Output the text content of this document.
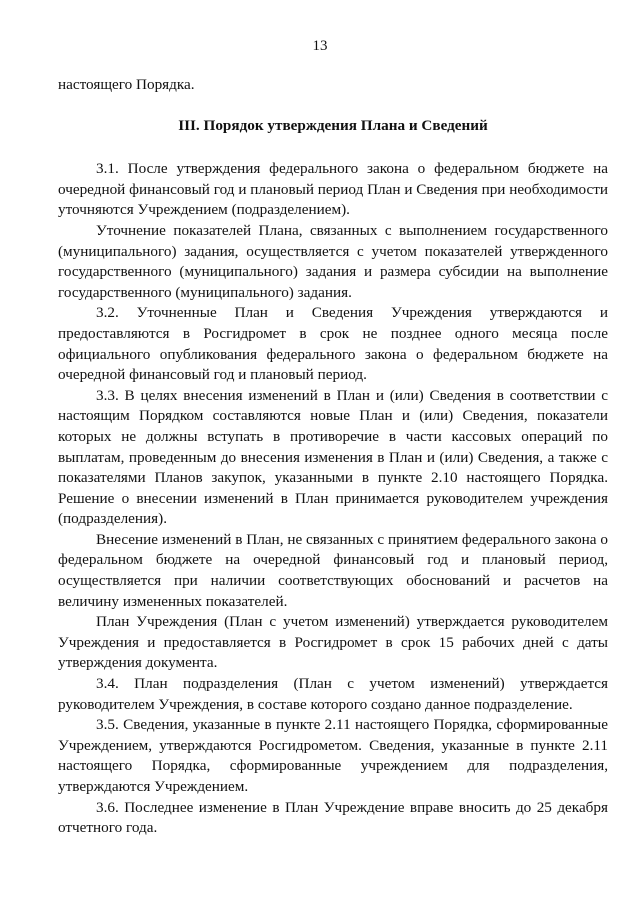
13

настоящего Порядка.

III. Порядок утверждения Плана и Сведений

3.1. После утверждения федерального закона о федеральном бюджете на очередной финансовый год и плановый период План и Сведения при необходимости уточняются Учреждением (подразделением).

Уточнение показателей Плана, связанных с выполнением государственного (муниципального) задания, осуществляется с учетом показателей утвержденного государственного (муниципального) задания и размера субсидии на выполнение государственного (муниципального) задания.

3.2. Уточненные План и Сведения Учреждения утверждаются и предоставляются в Росгидромет в срок не позднее одного месяца после официального опубликования федерального закона о федеральном бюджете на очередной финансовый год и плановый период.

3.3. В целях внесения изменений в План и (или) Сведения в соответствии с настоящим Порядком составляются новые План и (или) Сведения, показатели которых не должны вступать в противоречие в части кассовых операций по выплатам, проведенным до внесения изменения в План и (или) Сведения, а также с показателями Планов закупок, указанными в пункте 2.10 настоящего Порядка. Решение о внесении изменений в План принимается руководителем учреждения (подразделения).

Внесение изменений в План, не связанных с принятием федерального закона о федеральном бюджете на очередной финансовый год и плановый период, осуществляется при наличии соответствующих обоснований и расчетов на величину измененных показателей.

План Учреждения (План с учетом изменений) утверждается руководителем Учреждения и предоставляется в Росгидромет в срок 15 рабочих дней с даты утверждения документа.

3.4. План подразделения (План с учетом изменений) утверждается руководителем Учреждения, в составе которого создано данное подразделение.

3.5. Сведения, указанные в пункте 2.11 настоящего Порядка, сформированные Учреждением, утверждаются Росгидрометом. Сведения, указанные в пункте 2.11 настоящего Порядка, сформированные учреждением для подразделения, утверждаются Учреждением.

3.6. Последнее изменение в План Учреждение вправе вносить до 25 декабря отчетного года.
